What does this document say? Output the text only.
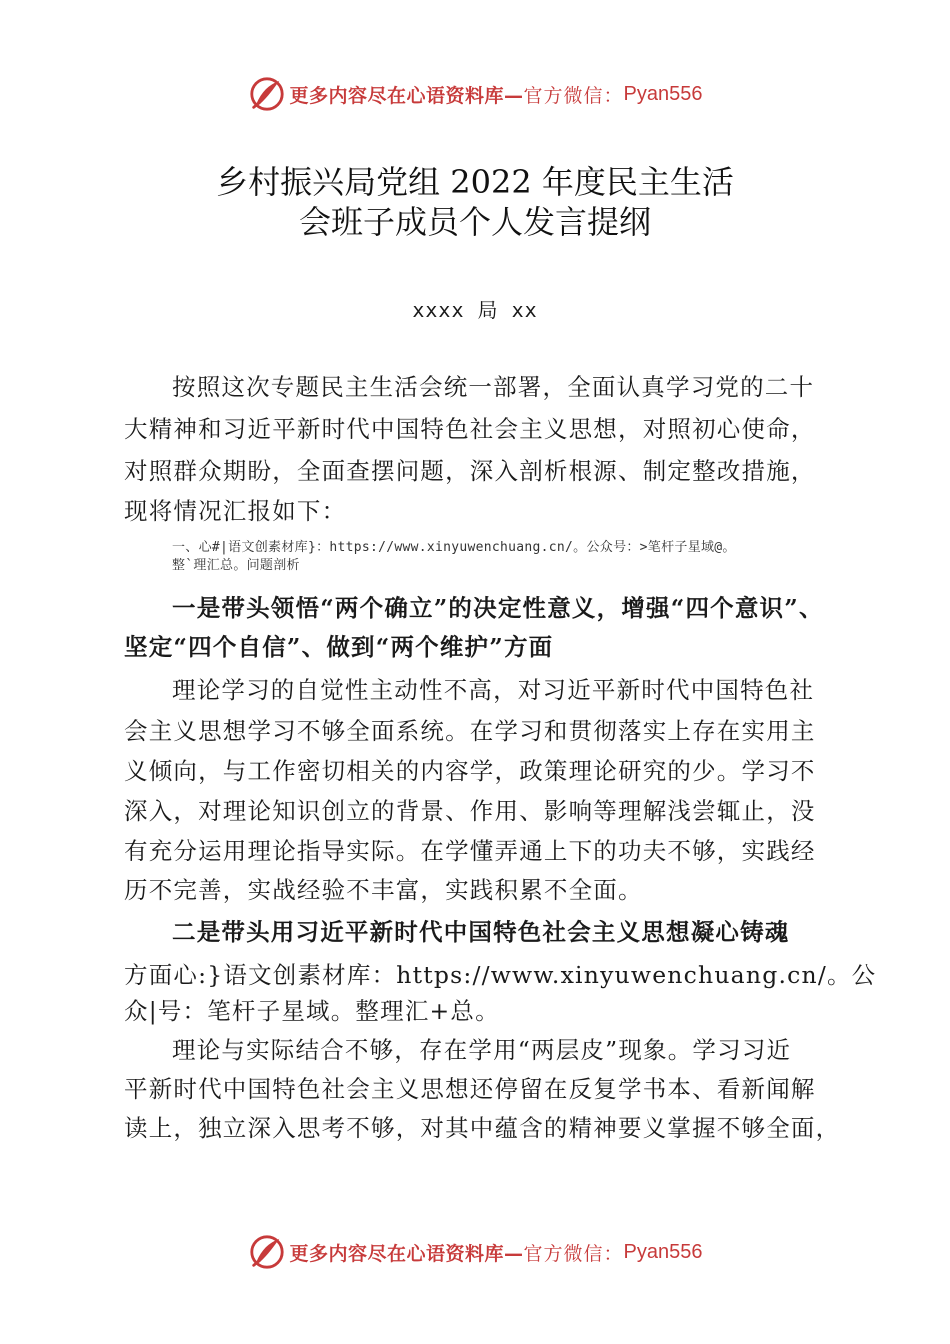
更多内容尽在心语资料库— 官方微信： Pyan556
乡村振兴局党组 2022 年度民主生活
会班子成员个人发言提纲
xxxx 局 xx
按照这次专题民主生活会统一部署，全面认真学习党的二十
大精神和习近平新时代中国特色社会主义思想，对照初心使命，
对照群众期盼，全面查摆问题，深入剖析根源、制定整改措施，
现将情况汇报如下：
一、心#|语文创素材库}：https://www.xinyuwenchuang.cn/。公众号：>笔杆子星域@。
整`理汇总。问题剖析
一是带头领悟“两个确立”的决定性意义，增强“四个意识”、
坚定“四个自信”、做到“两个维护”方面
理论学习的自觉性主动性不高，对习近平新时代中国特色社
会主义思想学习不够全面系统。在学习和贯彻落实上存在实用主
义倾向，与工作密切相关的内容学，政策理论研究的少。学习不
深入，对理论知识创立的背景、作用、影响等理解浅尝辄止，没
有充分运用理论指导实际。在学懂弄通上下的功夫不够，实践经
历不完善，实战经验不丰富，实践积累不全面。
二是带头用习近平新时代中国特色社会主义思想凝心铸魂
方面心:}语文创素材库：https://www.xinyuwenchuang.cn/。公
众|号：笔杆子星域。整理汇+总。
理论与实际结合不够，存在学用“两层皮”现象。学习习近
平新时代中国特色社会主义思想还停留在反复学书本、看新闻解
读上，独立深入思考不够，对其中蕴含的精神要义掌握不够全面，
更多内容尽在心语资料库— 官方微信： Pyan556
